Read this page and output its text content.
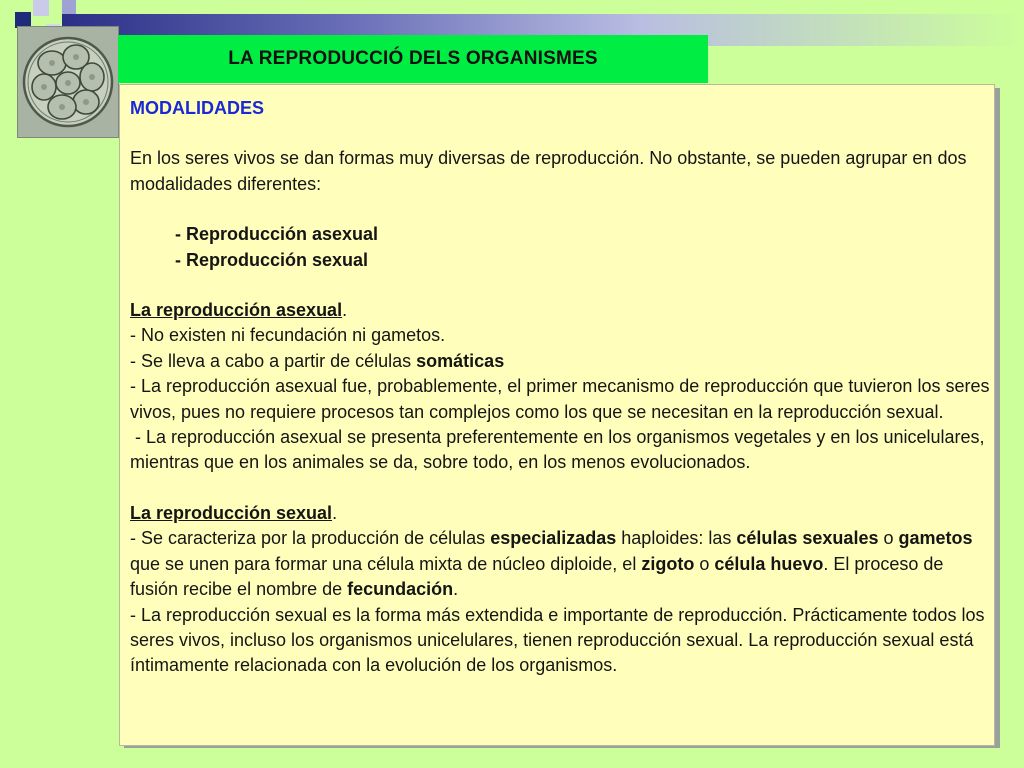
LA REPRODUCCIÓ DELS ORGANISMES

MODALIDADES

En los seres vivos se dan formas muy diversas de reproducción. No obstante, se pueden agrupar en dos modalidades diferentes:

- Reproducción asexual

- Reproducción sexual

La reproducción asexual.

- No existen ni fecundación ni gametos.

- Se lleva a cabo a partir de células somáticas

- La reproducción asexual fue, probablemente, el primer mecanismo de reproducción que tuvieron los seres vivos, pues no requiere procesos tan complejos como los que se necesitan en la reproducción sexual.

- La reproducción asexual se presenta preferentemente en los organismos vegetales y en los unicelulares, mientras que en los animales se da, sobre todo, en los menos evolucionados.

La reproducción sexual.

- Se caracteriza por la producción de células especializadas haploides: las células sexuales o gametos que se unen para formar una célula mixta de núcleo diploide, el zigoto o célula huevo. El proceso de fusión recibe el nombre de fecundación.

- La reproducción sexual es la forma más extendida e importante de reproducción. Prácticamente todos los seres vivos, incluso los organismos unicelulares, tienen reproducción sexual. La reproducción sexual está íntimamente relacionada con la evolución de los organismos.
